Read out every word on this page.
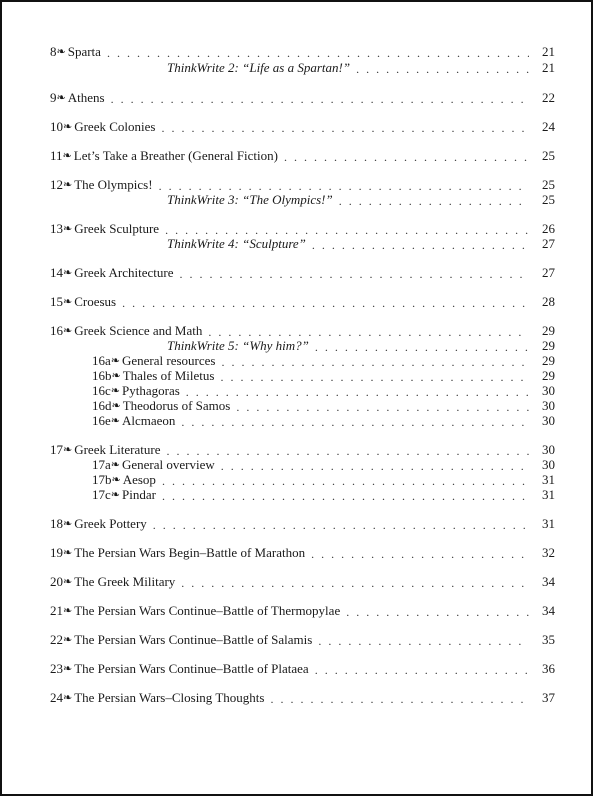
8 ❧ Sparta . . .	21
ThinkWrite 2: “Life as a Spartan!” . . .	21
9 ❧ Athens . . .	22
10 ❧ Greek Colonies . . .	24
11 ❧ Let’s Take a Breather (General Fiction) . . .	25
12 ❧ The Olympics! . . .	25
ThinkWrite 3: “The Olympics!” . . .	25
13 ❧ Greek Sculpture . . .	26
ThinkWrite 4: “Sculpture” . . .	27
14 ❧ Greek Architecture . . .	27
15 ❧ Croesus . . .	28
16 ❧ Greek Science and Math . . .	29
ThinkWrite 5: “Why him?” . . .	29
16a ❧ General resources . . .	29
16b ❧ Thales of Miletus . . .	29
16c ❧ Pythagoras . . .	30
16d ❧ Theodorus of Samos . . .	30
16e ❧ Alcmaeon . . .	30
17 ❧ Greek Literature . . .	30
17a ❧ General overview . . .	30
17b ❧ Aesop . . .	31
17c ❧ Pindar . . .	31
18 ❧ Greek Pottery . . .	31
19 ❧ The Persian Wars Begin–Battle of Marathon . . .	32
20 ❧ The Greek Military . . .	34
21 ❧ The Persian Wars Continue–Battle of Thermopylae . . .	34
22 ❧ The Persian Wars Continue–Battle of Salamis . . .	35
23 ❧ The Persian Wars Continue–Battle of Plataea . . .	36
24 ❧ The Persian Wars–Closing Thoughts . . .	37
